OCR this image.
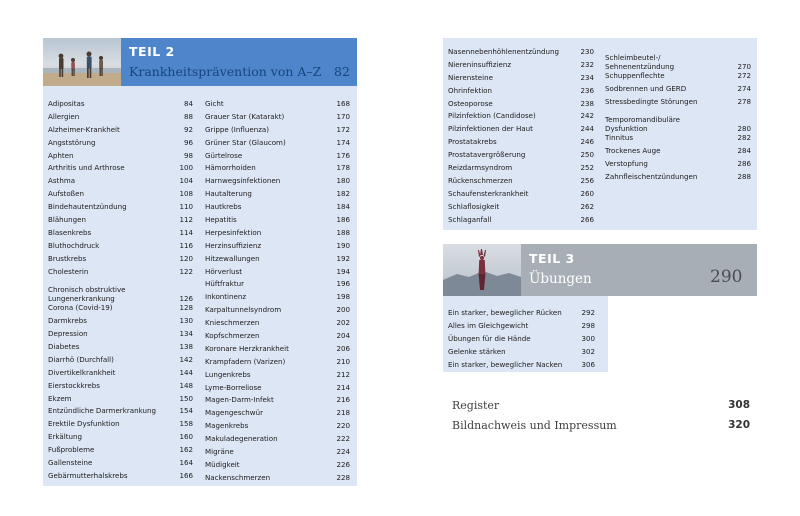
TEIL 2
Krankheitsprävention von A–Z 82
Adipositas	84
Allergien	88
Alzheimer-Krankheit	92
Angststörung	96
Aphten	98
Arthritis und Arthrose	100
Asthma	104
Aufstoßen	108
Bindehautentzündung	110
Blähungen	112
Blasenkrebs	114
Bluthochdruck	116
Brustkrebs	120
Cholesterin	122
Chronisch obstruktive Lungenerkrankung	126
Corona (Covid-19)	128
Darmkrebs	130
Depression	134
Diabetes	138
Diarrhö (Durchfall)	142
Divertikelkrankheit	144
Eierstockkrebs	148
Ekzem	150
Entzündliche Darmerkrankung	154
Erektile Dysfunktion	158
Erkältung	160
Fußprobleme	162
Gallensteine	164
Gebärmutterhalskrebs	166
Gicht	168
Grauer Star (Katarakt)	170
Grippe (Influenza)	172
Grüner Star (Glaucom)	174
Gürtelrose	176
Hämorrhoiden	178
Harnwegsinfektionen	180
Hautalterung	182
Hautkrebs	184
Hepatitis	186
Herpesinfektion	188
Herzinsuffizienz	190
Hitzewallungen	192
Hörverlust	194
Hüftfraktur	196
Inkontinenz	198
Karpaltunnelsyndrom	200
Knieschmerzen	202
Kopfschmerzen	204
Koronare Herzkrankheit	206
Krampfadern (Varizen)	210
Lungenkrebs	212
Lyme-Borreliose	214
Magen-Darm-Infekt	216
Magengeschwür	218
Magenkrebs	220
Makuladegeneration	222
Migräne	224
Müdigkeit	226
Nackenschmerzen	228
Nasennebenhöhlenentzündung	230
Niereninsuffizienz	232
Nierensteine	234
Ohrinfektion	236
Osteoporose	238
Pilzinfektion (Candidose)	242
Pilzinfektionen der Haut	244
Prostatakrebs	246
Prostatavergrößerung	250
Reizdarmsyndrom	252
Rückenschmerzen	256
Schaufensterkrankheit	260
Schlaflosigkeit	262
Schlaganfall	266
Schleimbeutel-/ Sehnenentzündung	270
Schuppenflechte	272
Sodbrennen und GERD	274
Stressbedingte Störungen	278
Temporomandibuläre Dysfunktion	280
Tinnitus	282
Trockenes Auge	284
Verstopfung	286
Zahnfleischentzündungen	288
TEIL 3
Übungen	290
Ein starker, beweglicher Rücken	292
Alles im Gleichgewicht	298
Übungen für die Hände	300
Gelenke stärken	302
Ein starker, beweglicher Nacken	306
Register	308
Bildnachweis und Impressum	320
